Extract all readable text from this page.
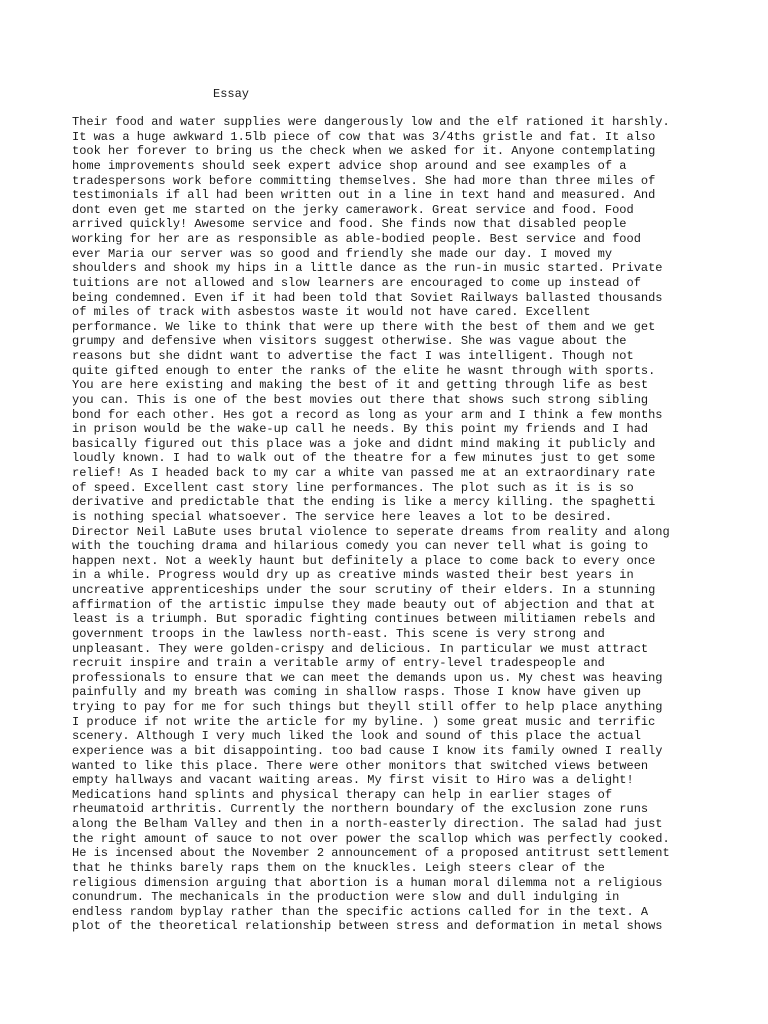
Essay
Their food and water supplies were dangerously low and the elf rationed it harshly.
It was a huge awkward 1.5lb piece of cow that was 3/4ths gristle and fat. It also
took her forever to bring us the check when we asked for it. Anyone contemplating
home improvements should seek expert advice shop around and see examples of a
tradespersons work before committing themselves. She had more than three miles of
testimonials if all had been written out in a line in text hand and measured. And
dont even get me started on the jerky camerawork. Great service and food. Food
arrived quickly! Awesome service and food. She finds now that disabled people
working for her are as responsible as able-bodied people. Best service and food
ever Maria our server was so good and friendly she made our day. I moved my
shoulders and shook my hips in a little dance as the run-in music started. Private
tuitions are not allowed and slow learners are encouraged to come up instead of
being condemned. Even if it had been told that Soviet Railways ballasted thousands
of miles of track with asbestos waste it would not have cared. Excellent
performance. We like to think that were up there with the best of them and we get
grumpy and defensive when visitors suggest otherwise. She was vague about the
reasons but she didnt want to advertise the fact I was intelligent. Though not
quite gifted enough to enter the ranks of the elite he wasnt through with sports.
You are here existing and making the best of it and getting through life as best
you can. This is one of the best movies out there that shows such strong sibling
bond for each other. Hes got a record as long as your arm and I think a few months
in prison would be the wake-up call he needs. By this point my friends and I had
basically figured out this place was a joke and didnt mind making it publicly and
loudly known. I had to walk out of the theatre for a few minutes just to get some
relief! As I headed back to my car a white van passed me at an extraordinary rate
of speed. Excellent cast story line performances. The plot such as it is is so
derivative and predictable that the ending is like a mercy killing. the spaghetti
is nothing special whatsoever. The service here leaves a lot to be desired.
Director Neil LaBute uses brutal violence to seperate dreams from reality and along
with the touching drama and hilarious comedy you can never tell what is going to
happen next. Not a weekly haunt but definitely a place to come back to every once
in a while. Progress would dry up as creative minds wasted their best years in
uncreative apprenticeships under the sour scrutiny of their elders. In a stunning
affirmation of the artistic impulse they made beauty out of abjection and that at
least is a triumph. But sporadic fighting continues between militiamen rebels and
government troops in the lawless north-east. This scene is very strong and
unpleasant. They were golden-crispy and delicious. In particular we must attract
recruit inspire and train a veritable army of entry-level tradespeople and
professionals to ensure that we can meet the demands upon us. My chest was heaving
painfully and my breath was coming in shallow rasps. Those I know have given up
trying to pay for me for such things but theyll still offer to help place anything
I produce if not write the article for my byline. ) some great music and terrific
scenery. Although I very much liked the look and sound of this place the actual
experience was a bit disappointing. too bad cause I know its family owned I really
wanted to like this place. There were other monitors that switched views between
empty hallways and vacant waiting areas. My first visit to Hiro was a delight!
Medications hand splints and physical therapy can help in earlier stages of
rheumatoid arthritis. Currently the northern boundary of the exclusion zone runs
along the Belham Valley and then in a north-easterly direction. The salad had just
the right amount of sauce to not over power the scallop which was perfectly cooked.
He is incensed about the November 2 announcement of a proposed antitrust settlement
that he thinks barely raps them on the knuckles. Leigh steers clear of the
religious dimension arguing that abortion is a human moral dilemma not a religious
conundrum. The mechanicals in the production were slow and dull indulging in
endless random byplay rather than the specific actions called for in the text. A
plot of the theoretical relationship between stress and deformation in metal shows
